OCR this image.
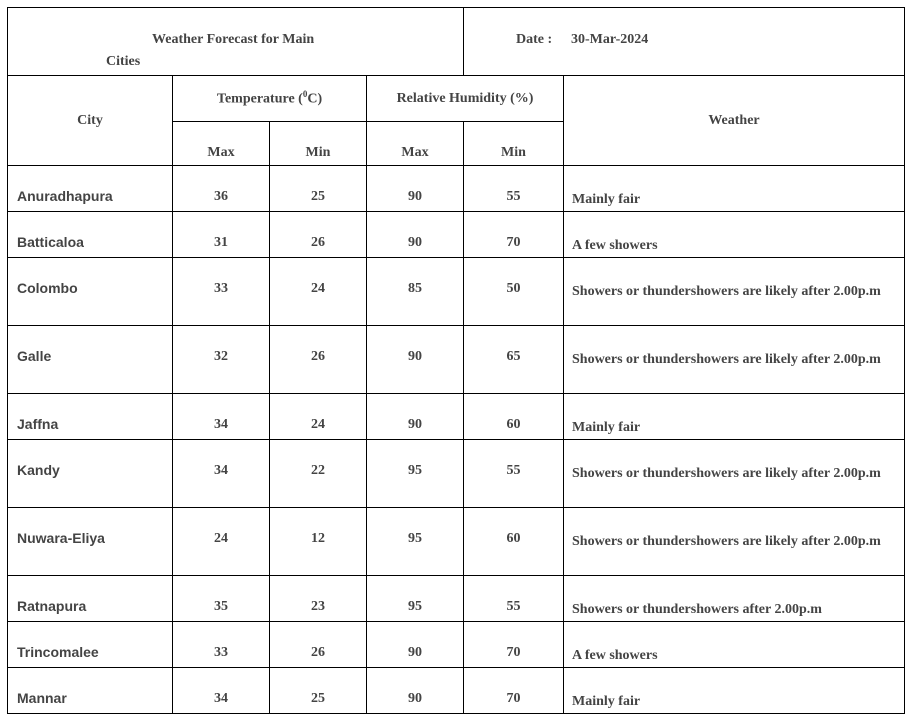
Weather Forecast for Main
Cities				Date : 30-Mar-2024	

City	Temperature ($^0$C)		Relative Humidity (%)		Weather
	Max	Min	Max	Min	
Anuradhapura	36	25	90	55	Mainly fair
Batticaloa	31	26	90	70	A few showers
Colombo	33	24	85	50	Showers or thundershowers are likely after 2.00p.m
Galle	32	26	90	65	Showers or thundershowers are likely after 2.00p.m
Jaffna	34	24	90	60	Mainly fair
Kandy	34	22	95	55	Showers or thundershowers are likely after 2.00p.m
Nuwara-Eliya	24	12	95	60	Showers or thundershowers are likely after 2.00p.m
Ratnapura	35	23	95	55	Showers or thundershowers after 2.00p.m
Trincomalee	33	26	90	70	A few showers
Mannar	34	25	90	70	Mainly fair
